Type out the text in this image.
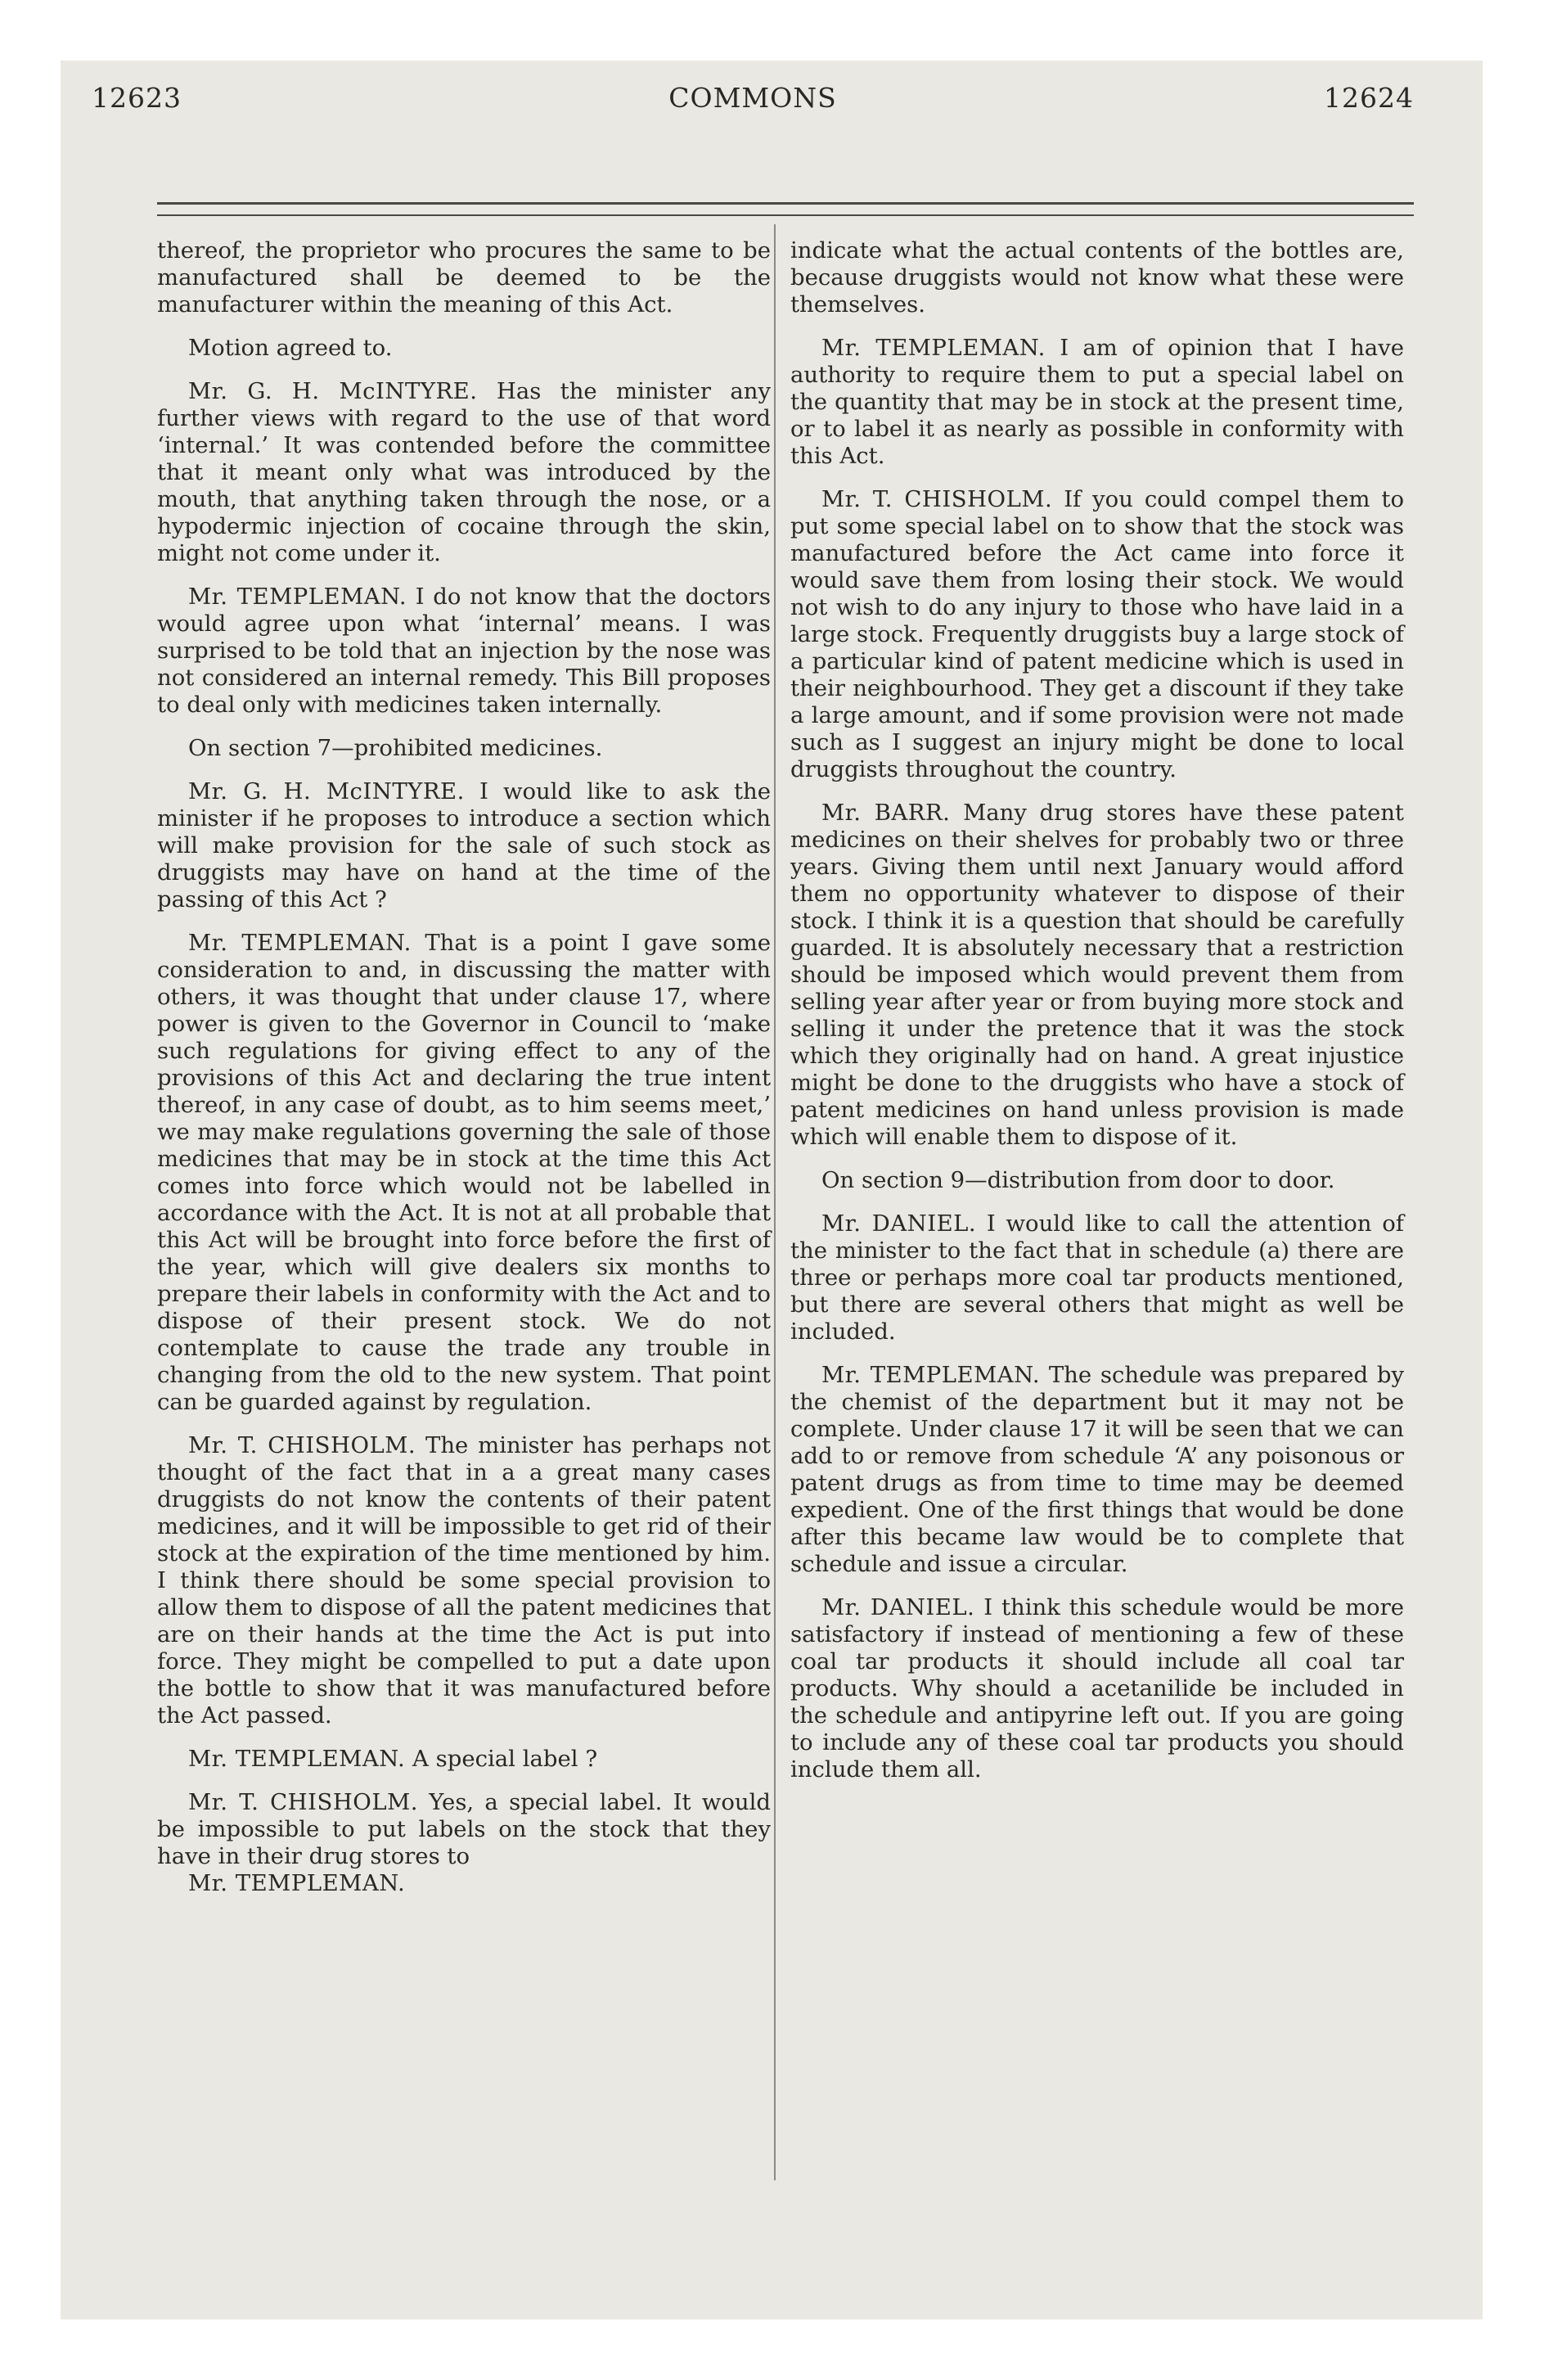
12623	COMMONS	12624

thereof, the proprietor who procures the same to be manufactured shall be deemed to be the manufacturer within the meaning of this Act.

Motion agreed to.

Mr. G. H. McINTYRE. Has the minister any further views with regard to the use of that word ‘internal.’ It was contended before the committee that it meant only what was introduced by the mouth, that anything taken through the nose, or a hypodermic injection of cocaine through the skin, might not come under it.

Mr. TEMPLEMAN. I do not know that the doctors would agree upon what ‘internal’ means. I was surprised to be told that an injection by the nose was not considered an internal remedy. This Bill proposes to deal only with medicines taken internally.

On section 7—prohibited medicines.

Mr. G. H. McINTYRE. I would like to ask the minister if he proposes to introduce a section which will make provision for the sale of such stock as druggists may have on hand at the time of the passing of this Act ?

Mr. TEMPLEMAN. That is a point I gave some consideration to and, in discussing the matter with others, it was thought that under clause 17, where power is given to the Governor in Council to ‘make such regulations for giving effect to any of the provisions of this Act and declaring the true intent thereof, in any case of doubt, as to him seems meet,’ we may make regulations governing the sale of those medicines that may be in stock at the time this Act comes into force which would not be labelled in accordance with the Act. It is not at all probable that this Act will be brought into force before the first of the year, which will give dealers six months to prepare their labels in conformity with the Act and to dispose of their present stock. We do not contemplate to cause the trade any trouble in changing from the old to the new system. That point can be guarded against by regulation.

Mr. T. CHISHOLM. The minister has perhaps not thought of the fact that in a a great many cases druggists do not know the contents of their patent medicines, and it will be impossible to get rid of their stock at the expiration of the time mentioned by him. I think there should be some special provision to allow them to dispose of all the patent medicines that are on their hands at the time the Act is put into force. They might be compelled to put a date upon the bottle to show that it was manufactured before the Act passed.

Mr. TEMPLEMAN. A special label ?

Mr. T. CHISHOLM. Yes, a special label. It would be impossible to put labels on the stock that they have in their drug stores to

Mr. TEMPLEMAN.

indicate what the actual contents of the bottles are, because druggists would not know what these were themselves.

Mr. TEMPLEMAN. I am of opinion that I have authority to require them to put a special label on the quantity that may be in stock at the present time, or to label it as nearly as possible in conformity with this Act.

Mr. T. CHISHOLM. If you could compel them to put some special label on to show that the stock was manufactured before the Act came into force it would save them from losing their stock. We would not wish to do any injury to those who have laid in a large stock. Frequently druggists buy a large stock of a particular kind of patent medicine which is used in their neighbourhood. They get a discount if they take a large amount, and if some provision were not made such as I suggest an injury might be done to local druggists throughout the country.

Mr. BARR. Many drug stores have these patent medicines on their shelves for probably two or three years. Giving them until next January would afford them no opportunity whatever to dispose of their stock. I think it is a question that should be carefully guarded. It is absolutely necessary that a restriction should be imposed which would prevent them from selling year after year or from buying more stock and selling it under the pretence that it was the stock which they originally had on hand. A great injustice might be done to the druggists who have a stock of patent medicines on hand unless provision is made which will enable them to dispose of it.

On section 9—distribution from door to door.

Mr. DANIEL. I would like to call the attention of the minister to the fact that in schedule (a) there are three or perhaps more coal tar products mentioned, but there are several others that might as well be included.

Mr. TEMPLEMAN. The schedule was prepared by the chemist of the department but it may not be complete. Under clause 17 it will be seen that we can add to or remove from schedule ‘A’ any poisonous or patent drugs as from time to time may be deemed expedient. One of the first things that would be done after this became law would be to complete that schedule and issue a circular.

Mr. DANIEL. I think this schedule would be more satisfactory if instead of mentioning a few of these coal tar products it should include all coal tar products. Why should a acetanilide be included in the schedule and antipyrine left out. If you are going to include any of these coal tar products you should include them all.
